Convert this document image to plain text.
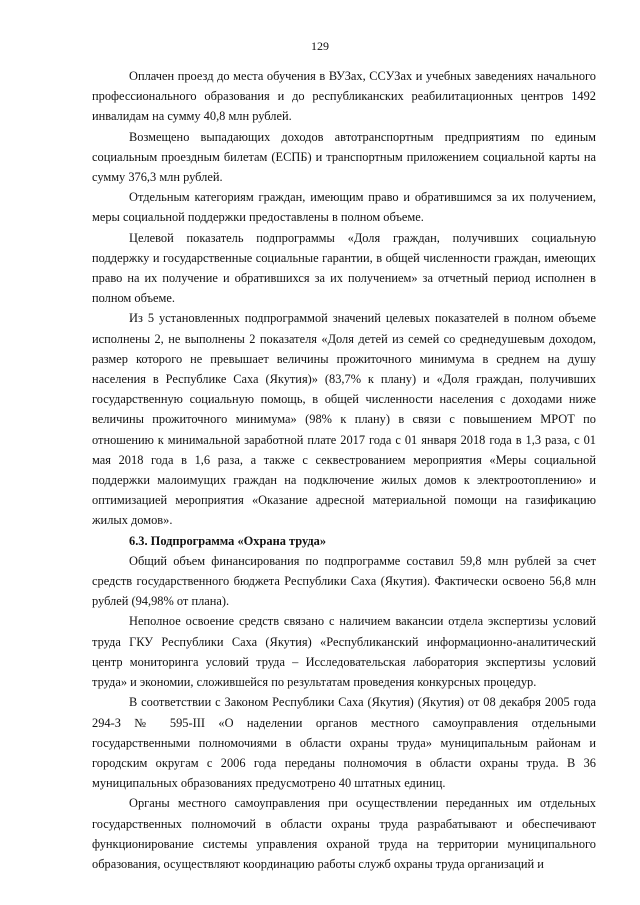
129

Оплачен проезд до места обучения в ВУЗах, ССУЗах и учебных заведениях начального профессионального образования и до республиканских реабилитационных центров 1492 инвалидам на сумму 40,8 млн рублей.

Возмещено выпадающих доходов автотранспортным предприятиям по единым социальным проездным билетам (ЕСПБ) и транспортным приложением социальной карты на сумму 376,3 млн рублей.

Отдельным категориям граждан, имеющим право и обратившимся за их получением, меры социальной поддержки предоставлены в полном объеме.

Целевой показатель подпрограммы «Доля граждан, получивших социальную поддержку и государственные социальные гарантии, в общей численности граждан, имеющих право на их получение и обратившихся за их получением» за отчетный период исполнен в полном объеме.

Из 5 установленных подпрограммой значений целевых показателей в полном объеме исполнены 2, не выполнены 2 показателя «Доля детей из семей со среднедушевым доходом, размер которого не превышает величины прожиточного минимума в среднем на душу населения в Республике Саха (Якутия)» (83,7% к плану) и «Доля граждан, получивших государственную социальную помощь, в общей численности населения с доходами ниже величины прожиточного минимума» (98% к плану) в связи с повышением МРОТ по отношению к минимальной заработной плате 2017 года с 01 января 2018 года в 1,3 раза, с 01 мая 2018 года в 1,6 раза, а также с секвестрованием мероприятия «Меры социальной поддержки малоимущих граждан на подключение жилых домов к электроотоплению» и оптимизацией мероприятия «Оказание адресной материальной помощи на газификацию жилых домов».

6.3. Подпрограмма «Охрана труда»

Общий объем финансирования по подпрограмме составил 59,8 млн рублей за счет средств государственного бюджета Республики Саха (Якутия). Фактически освоено 56,8 млн рублей (94,98% от плана).

Неполное освоение средств связано с наличием вакансии отдела экспертизы условий труда ГКУ Республики Саха (Якутия) «Республиканский информационно-аналитический центр мониторинга условий труда – Исследовательская лаборатория экспертизы условий труда» и экономии, сложившейся по результатам проведения конкурсных процедур.

В соответствии с Законом Республики Саха (Якутия) (Якутия) от 08 декабря 2005 года 294-З № 595-III «О наделении органов местного самоуправления отдельными государственными полномочиями в области охраны труда» муниципальным районам и городским округам с 2006 года переданы полномочия в области охраны труда. В 36 муниципальных образованиях предусмотрено 40 штатных единиц.

Органы местного самоуправления при осуществлении переданных им отдельных государственных полномочий в области охраны труда разрабатывают и обеспечивают функционирование системы управления охраной труда на территории муниципального образования, осуществляют координацию работы служб охраны труда организаций и
